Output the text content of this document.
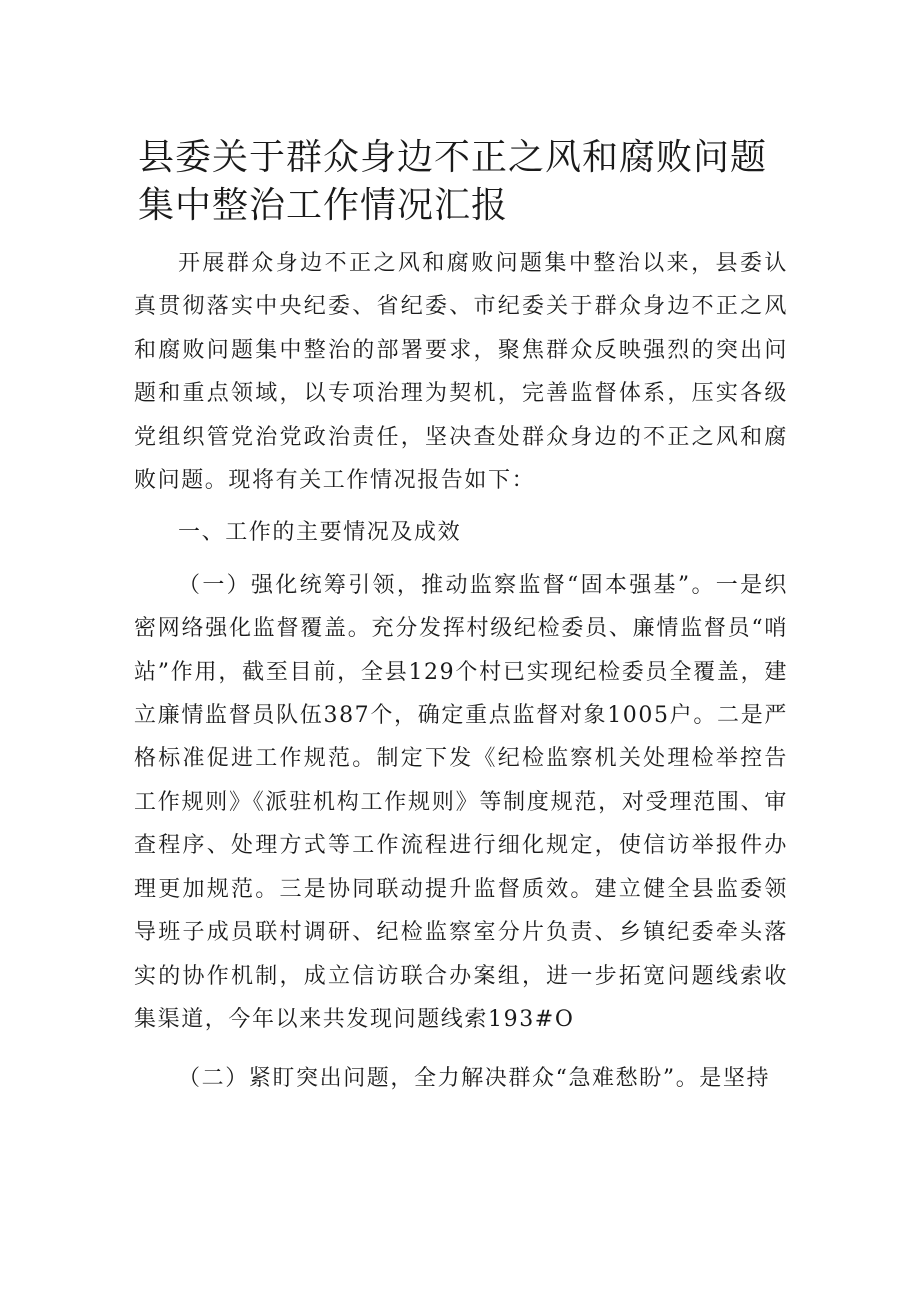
县委关于群众身边不正之风和腐败问题集中整治工作情况汇报

开展群众身边不正之风和腐败问题集中整治以来，县委认真贯彻落实中央纪委、省纪委、市纪委关于群众身边不正之风和腐败问题集中整治的部署要求，聚焦群众反映强烈的突出问题和重点领域，以专项治理为契机，完善监督体系，压实各级党组织管党治党政治责任，坚决查处群众身边的不正之风和腐败问题。现将有关工作情况报告如下：

一、工作的主要情况及成效

（一）强化统筹引领，推动监察监督“固本强基”。一是织密网络强化监督覆盖。充分发挥村级纪检委员、廉情监督员“哨站”作用，截至目前，全县129个村已实现纪检委员全覆盖，建立廉情监督员队伍387个，确定重点监督对象1005户。二是严格标准促进工作规范。制定下发《纪检监察机关处理检举控告工作规则》《派驻机构工作规则》等制度规范，对受理范围、审查程序、处理方式等工作流程进行细化规定，使信访举报件办理更加规范。三是协同联动提升监督质效。建立健全县监委领导班子成员联村调研、纪检监察室分片负责、乡镇纪委牵头落实的协作机制，成立信访联合办案组，进一步拓宽问题线索收集渠道，今年以来共发现问题线索193#O

（二）紧盯突出问题，全力解决群众“急难愁盼”。是坚持
